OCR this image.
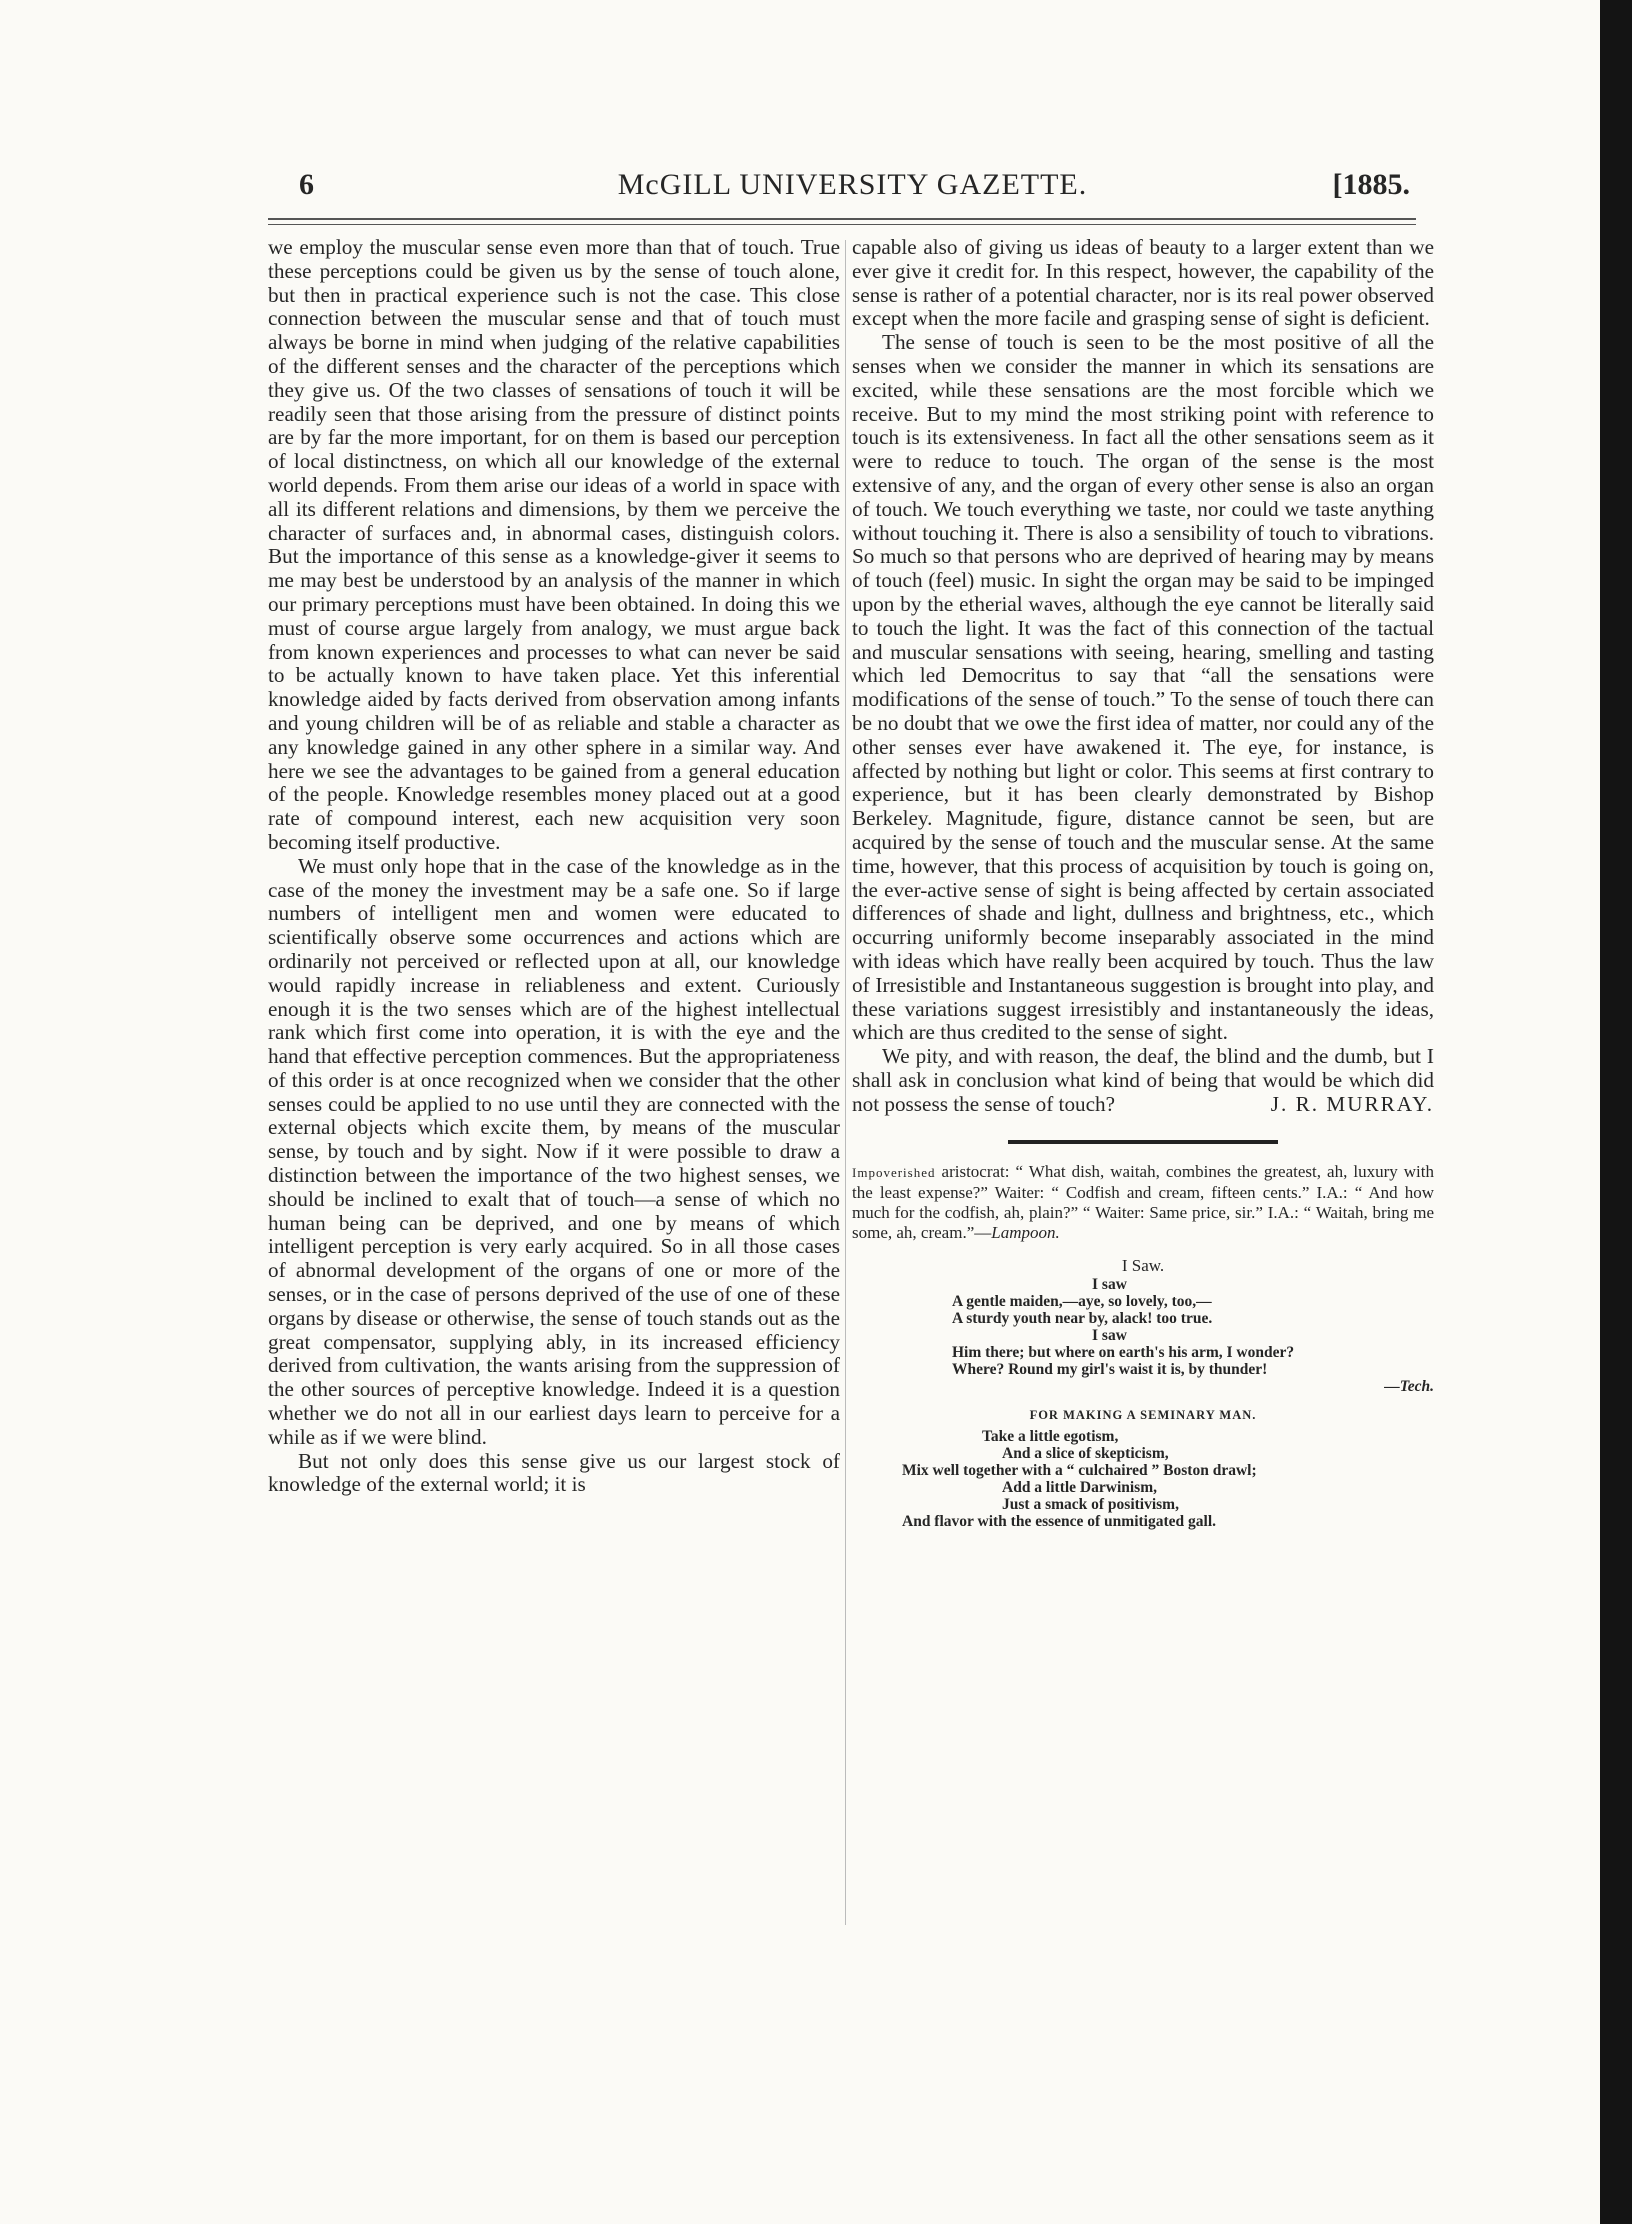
6	McGILL UNIVERSITY GAZETTE.	[1885.

we employ the muscular sense even more than that of touch. True these perceptions could be given us by the sense of touch alone, but then in practical experience such is not the case. This close connection between the muscular sense and that of touch must always be borne in mind when judging of the relative capabilities of the different senses and the character of the perceptions which they give us. Of the two classes of sensations of touch it will be readily seen that those arising from the pressure of distinct points are by far the more important, for on them is based our perception of local distinctness, on which all our knowledge of the external world depends. From them arise our ideas of a world in space with all its different relations and dimensions, by them we perceive the character of surfaces and, in abnormal cases, distinguish colors. But the importance of this sense as a knowledge-giver it seems to me may best be understood by an analysis of the manner in which our primary perceptions must have been obtained. In doing this we must of course argue largely from analogy, we must argue back from known experiences and processes to what can never be said to be actually known to have taken place. Yet this inferential knowledge aided by facts derived from observation among infants and young children will be of as reliable and stable a character as any knowledge gained in any other sphere in a similar way. And here we see the advantages to be gained from a general education of the people. Knowledge resembles money placed out at a good rate of compound interest, each new acquisition very soon becoming itself productive.

We must only hope that in the case of the knowledge as in the case of the money the investment may be a safe one. So if large numbers of intelligent men and women were educated to scientifically observe some occurrences and actions which are ordinarily not perceived or reflected upon at all, our knowledge would rapidly increase in reliableness and extent. Curiously enough it is the two senses which are of the highest intellectual rank which first come into operation, it is with the eye and the hand that effective perception commences. But the appropriateness of this order is at once recognized when we consider that the other senses could be applied to no use until they are connected with the external objects which excite them, by means of the muscular sense, by touch and by sight. Now if it were possible to draw a distinction between the importance of the two highest senses, we should be inclined to exalt that of touch—a sense of which no human being can be deprived, and one by means of which intelligent perception is very early acquired. So in all those cases of abnormal development of the organs of one or more of the senses, or in the case of persons deprived of the use of one of these organs by disease or otherwise, the sense of touch stands out as the great compensator, supplying ably, in its increased efficiency derived from cultivation, the wants arising from the suppression of the other sources of perceptive knowledge. Indeed it is a question whether we do not all in our earliest days learn to perceive for a while as if we were blind.

But not only does this sense give us our largest stock of knowledge of the external world; it is

capable also of giving us ideas of beauty to a larger extent than we ever give it credit for. In this respect, however, the capability of the sense is rather of a potential character, nor is its real power observed except when the more facile and grasping sense of sight is deficient.

The sense of touch is seen to be the most positive of all the senses when we consider the manner in which its sensations are excited, while these sensations are the most forcible which we receive. But to my mind the most striking point with reference to touch is its extensiveness. In fact all the other sensations seem as it were to reduce to touch. The organ of the sense is the most extensive of any, and the organ of every other sense is also an organ of touch. We touch everything we taste, nor could we taste anything without touching it. There is also a sensibility of touch to vibrations. So much so that persons who are deprived of hearing may by means of touch (feel) music. In sight the organ may be said to be impinged upon by the etherial waves, although the eye cannot be literally said to touch the light. It was the fact of this connection of the tactual and muscular sensations with seeing, hearing, smelling and tasting which led Democritus to say that “all the sensations were modifications of the sense of touch.” To the sense of touch there can be no doubt that we owe the first idea of matter, nor could any of the other senses ever have awakened it. The eye, for instance, is affected by nothing but light or color. This seems at first contrary to experience, but it has been clearly demonstrated by Bishop Berkeley. Magnitude, figure, distance cannot be seen, but are acquired by the sense of touch and the muscular sense. At the same time, however, that this process of acquisition by touch is going on, the ever-active sense of sight is being affected by certain associated differences of shade and light, dullness and brightness, etc., which occurring uniformly become inseparably associated in the mind with ideas which have really been acquired by touch. Thus the law of Irresistible and Instantaneous suggestion is brought into play, and these variations suggest irresistibly and instantaneously the ideas, which are thus credited to the sense of sight.

We pity, and with reason, the deaf, the blind and the dumb, but I shall ask in conclusion what kind of being that would be which did not possess the sense of touch?	J. R. MURRAY.
Impoverished aristocrat: “ What dish, waitah, combines the greatest, ah, luxury with the least expense?” Waiter: “ Codfish and cream, fifteen cents.” I.A.: “ And how much for the codfish, ah, plain?” “ Waiter: Same price, sir.” I.A.: “ Waitah, bring me some, ah, cream.”—Lampoon.
I Saw.
I saw
A gentle maiden,—aye, so lovely, too,—
A sturdy youth near by, alack! too true.
I saw
Him there; but where on earth's his arm, I wonder?
Where? Round my girl's waist it is, by thunder!
—Tech.
FOR MAKING A SEMINARY MAN.
Take a little egotism,
And a slice of skepticism,
Mix well together with a “ culchaired ” Boston drawl;
Add a little Darwinism,
Just a smack of positivism,
And flavor with the essence of unmitigated gall.
